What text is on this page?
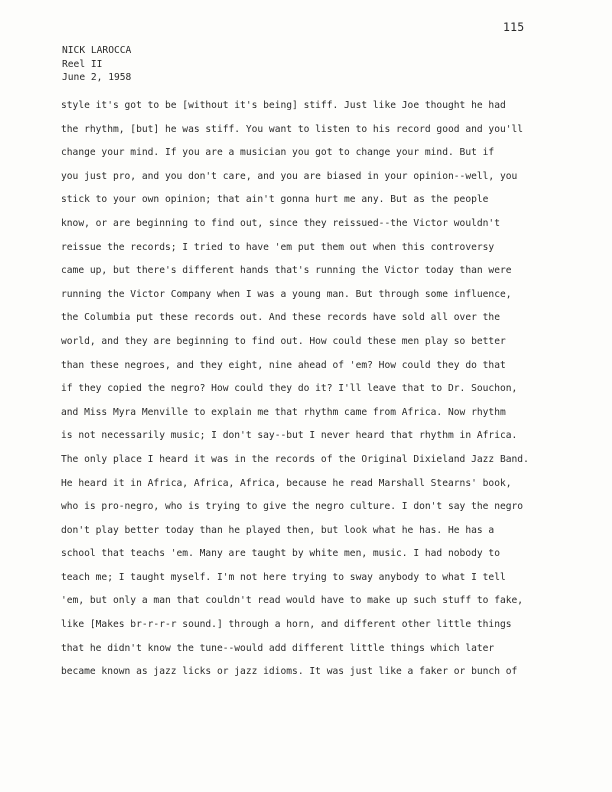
115
NICK LAROCCA
Reel II
June 2, 1958
style it's got to be [without it's being] stiff. Just like Joe thought he had
the rhythm, [but] he was stiff. You want to listen to his record good and you'll
change your mind. If you are a musician you got to change your mind. But if
you just pro, and you don't care, and you are biased in your opinion--well, you
stick to your own opinion; that ain't gonna hurt me any. But as the people
know, or are beginning to find out, since they reissued--the Victor wouldn't
reissue the records; I tried to have 'em put them out when this controversy
came up, but there's different hands that's running the Victor today than were
running the Victor Company when I was a young man. But through some influence,
the Columbia put these records out. And these records have sold all over the
world, and they are beginning to find out. How could these men play so better
than these negroes, and they eight, nine ahead of 'em? How could they do that
if they copied the negro? How could they do it? I'll leave that to Dr. Souchon,
and Miss Myra Menville to explain me that rhythm came from Africa. Now rhythm
is not necessarily music; I don't say--but I never heard that rhythm in Africa.
The only place I heard it was in the records of the Original Dixieland Jazz Band.
He heard it in Africa, Africa, Africa, because he read Marshall Stearns' book,
who is pro-negro, who is trying to give the negro culture. I don't say the negro
don't play better today than he played then, but look what he has. He has a
school that teachs 'em. Many are taught by white men, music. I had nobody to
teach me; I taught myself. I'm not here trying to sway anybody to what I tell
'em, but only a man that couldn't read would have to make up such stuff to fake,
like [Makes br-r-r-r sound.] through a horn, and different other little things
that he didn't know the tune--would add different little things which later
became known as jazz licks or jazz idioms. It was just like a faker or bunch of
